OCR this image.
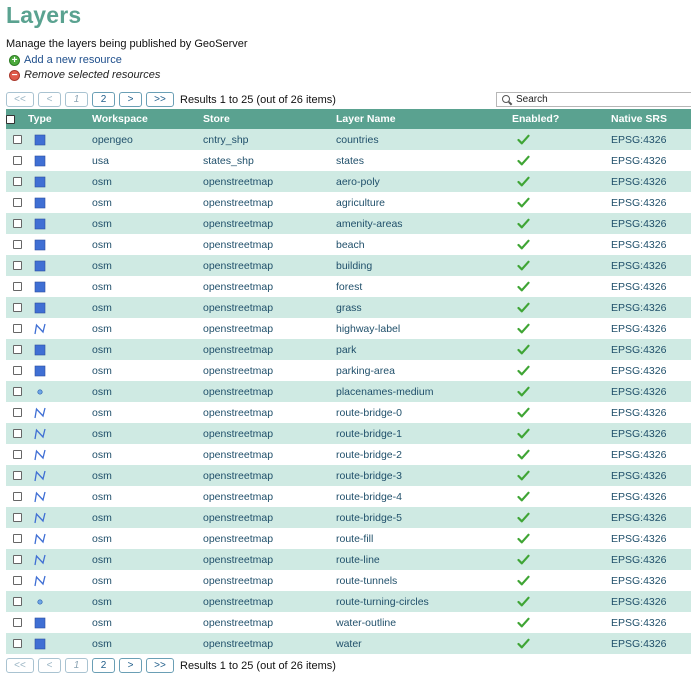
Layers
Manage the layers being published by GeoServer
+ Add a new resource
− Remove selected resources
<<	<	1	2	>	>>	Results 1 to 25 (out of 26 items)
Search
	Type	Workspace	Store	Layer Name	Enabled?	Native SRS

	opengeo	cntry_shp	countries		EPSG:4326

	usa	states_shp	states		EPSG:4326

	osm	openstreetmap	aero-poly		EPSG:4326

	osm	openstreetmap	agriculture		EPSG:4326

	osm	openstreetmap	amenity-areas		EPSG:4326

	osm	openstreetmap	beach		EPSG:4326

	osm	openstreetmap	building		EPSG:4326

	osm	openstreetmap	forest		EPSG:4326

	osm	openstreetmap	grass		EPSG:4326

	osm	openstreetmap	highway-label		EPSG:4326

	osm	openstreetmap	park		EPSG:4326

	osm	openstreetmap	parking-area		EPSG:4326

	osm	openstreetmap	placenames-medium		EPSG:4326

	osm	openstreetmap	route-bridge-0		EPSG:4326

	osm	openstreetmap	route-bridge-1		EPSG:4326

	osm	openstreetmap	route-bridge-2		EPSG:4326

	osm	openstreetmap	route-bridge-3		EPSG:4326

	osm	openstreetmap	route-bridge-4		EPSG:4326

	osm	openstreetmap	route-bridge-5		EPSG:4326

	osm	openstreetmap	route-fill		EPSG:4326

	osm	openstreetmap	route-line		EPSG:4326

	osm	openstreetmap	route-tunnels		EPSG:4326

	osm	openstreetmap	route-turning-circles		EPSG:4326

	osm	openstreetmap	water-outline		EPSG:4326

	osm	openstreetmap	water		EPSG:4326
<<	<	1	2	>	>>	Results 1 to 25 (out of 26 items)
